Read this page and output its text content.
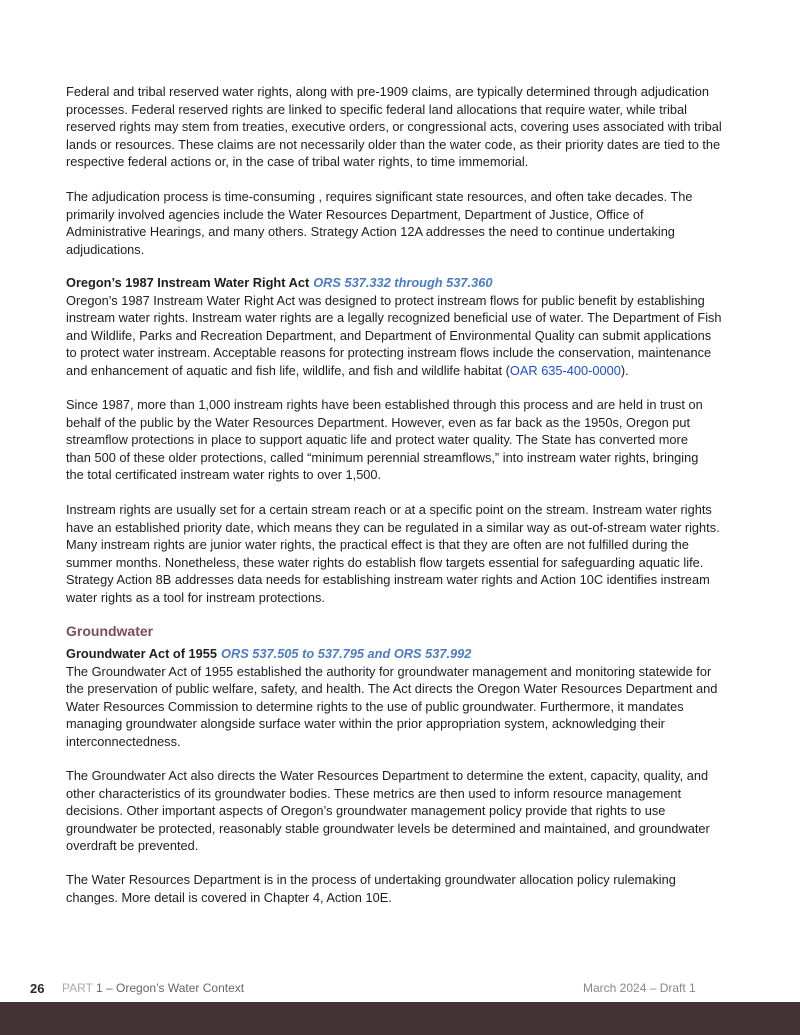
Federal and tribal reserved water rights, along with pre-1909 claims, are typically determined through adjudication
processes. Federal reserved rights are linked to specific federal land allocations that require water, while tribal
reserved rights may stem from treaties, executive orders, or congressional acts, covering uses associated with tribal
lands or resources. These claims are not necessarily older than the water code, as their priority dates are tied to the
respective federal actions or, in the case of tribal water rights, to time immemorial.
The adjudication process is time-consuming , requires significant state resources, and often take decades. The
primarily involved agencies include the Water Resources Department, Department of Justice, Office of
Administrative Hearings, and many others. Strategy Action 12A addresses the need to continue undertaking
adjudications.
Oregon’s 1987 Instream Water Right Act ORS 537.332 through 537.360
Oregon’s 1987 Instream Water Right Act was designed to protect instream flows for public benefit by establishing
instream water rights. Instream water rights are a legally recognized beneficial use of water. The Department of Fish
and Wildlife, Parks and Recreation Department, and Department of Environmental Quality can submit applications
to protect water instream. Acceptable reasons for protecting instream flows include the conservation, maintenance
and enhancement of aquatic and fish life, wildlife, and fish and wildlife habitat (OAR 635-400-0000).
Since 1987, more than 1,000 instream rights have been established through this process and are held in trust on
behalf of the public by the Water Resources Department. However, even as far back as the 1950s, Oregon put
streamflow protections in place to support aquatic life and protect water quality. The State has converted more
than 500 of these older protections, called “minimum perennial streamflows,” into instream water rights, bringing
the total certificated instream water rights to over 1,500.
Instream rights are usually set for a certain stream reach or at a specific point on the stream. Instream water rights
have an established priority date, which means they can be regulated in a similar way as out-of-stream water rights.
Many instream rights are junior water rights, the practical effect is that they are often are not fulfilled during the
summer months. Nonetheless, these water rights do establish flow targets essential for safeguarding aquatic life.
Strategy Action 8B addresses data needs for establishing instream water rights and Action 10C identifies instream
water rights as a tool for instream protections.
Groundwater
Groundwater Act of 1955 ORS 537.505 to 537.795 and ORS 537.992
The Groundwater Act of 1955 established the authority for groundwater management and monitoring statewide for
the preservation of public welfare, safety, and health. The Act directs the Oregon Water Resources Department and
Water Resources Commission to determine rights to the use of public groundwater. Furthermore, it mandates
managing groundwater alongside surface water within the prior appropriation system, acknowledging their
interconnectedness.
The Groundwater Act also directs the Water Resources Department to determine the extent, capacity, quality, and
other characteristics of its groundwater bodies. These metrics are then used to inform resource management
decisions. Other important aspects of Oregon’s groundwater management policy provide that rights to use
groundwater be protected, reasonably stable groundwater levels be determined and maintained, and groundwater
overdraft be prevented.
The Water Resources Department is in the process of undertaking groundwater allocation policy rulemaking
changes. More detail is covered in Chapter 4, Action 10E.
26 PART 1 – Oregon’s Water Context	March 2024 – Draft 1
